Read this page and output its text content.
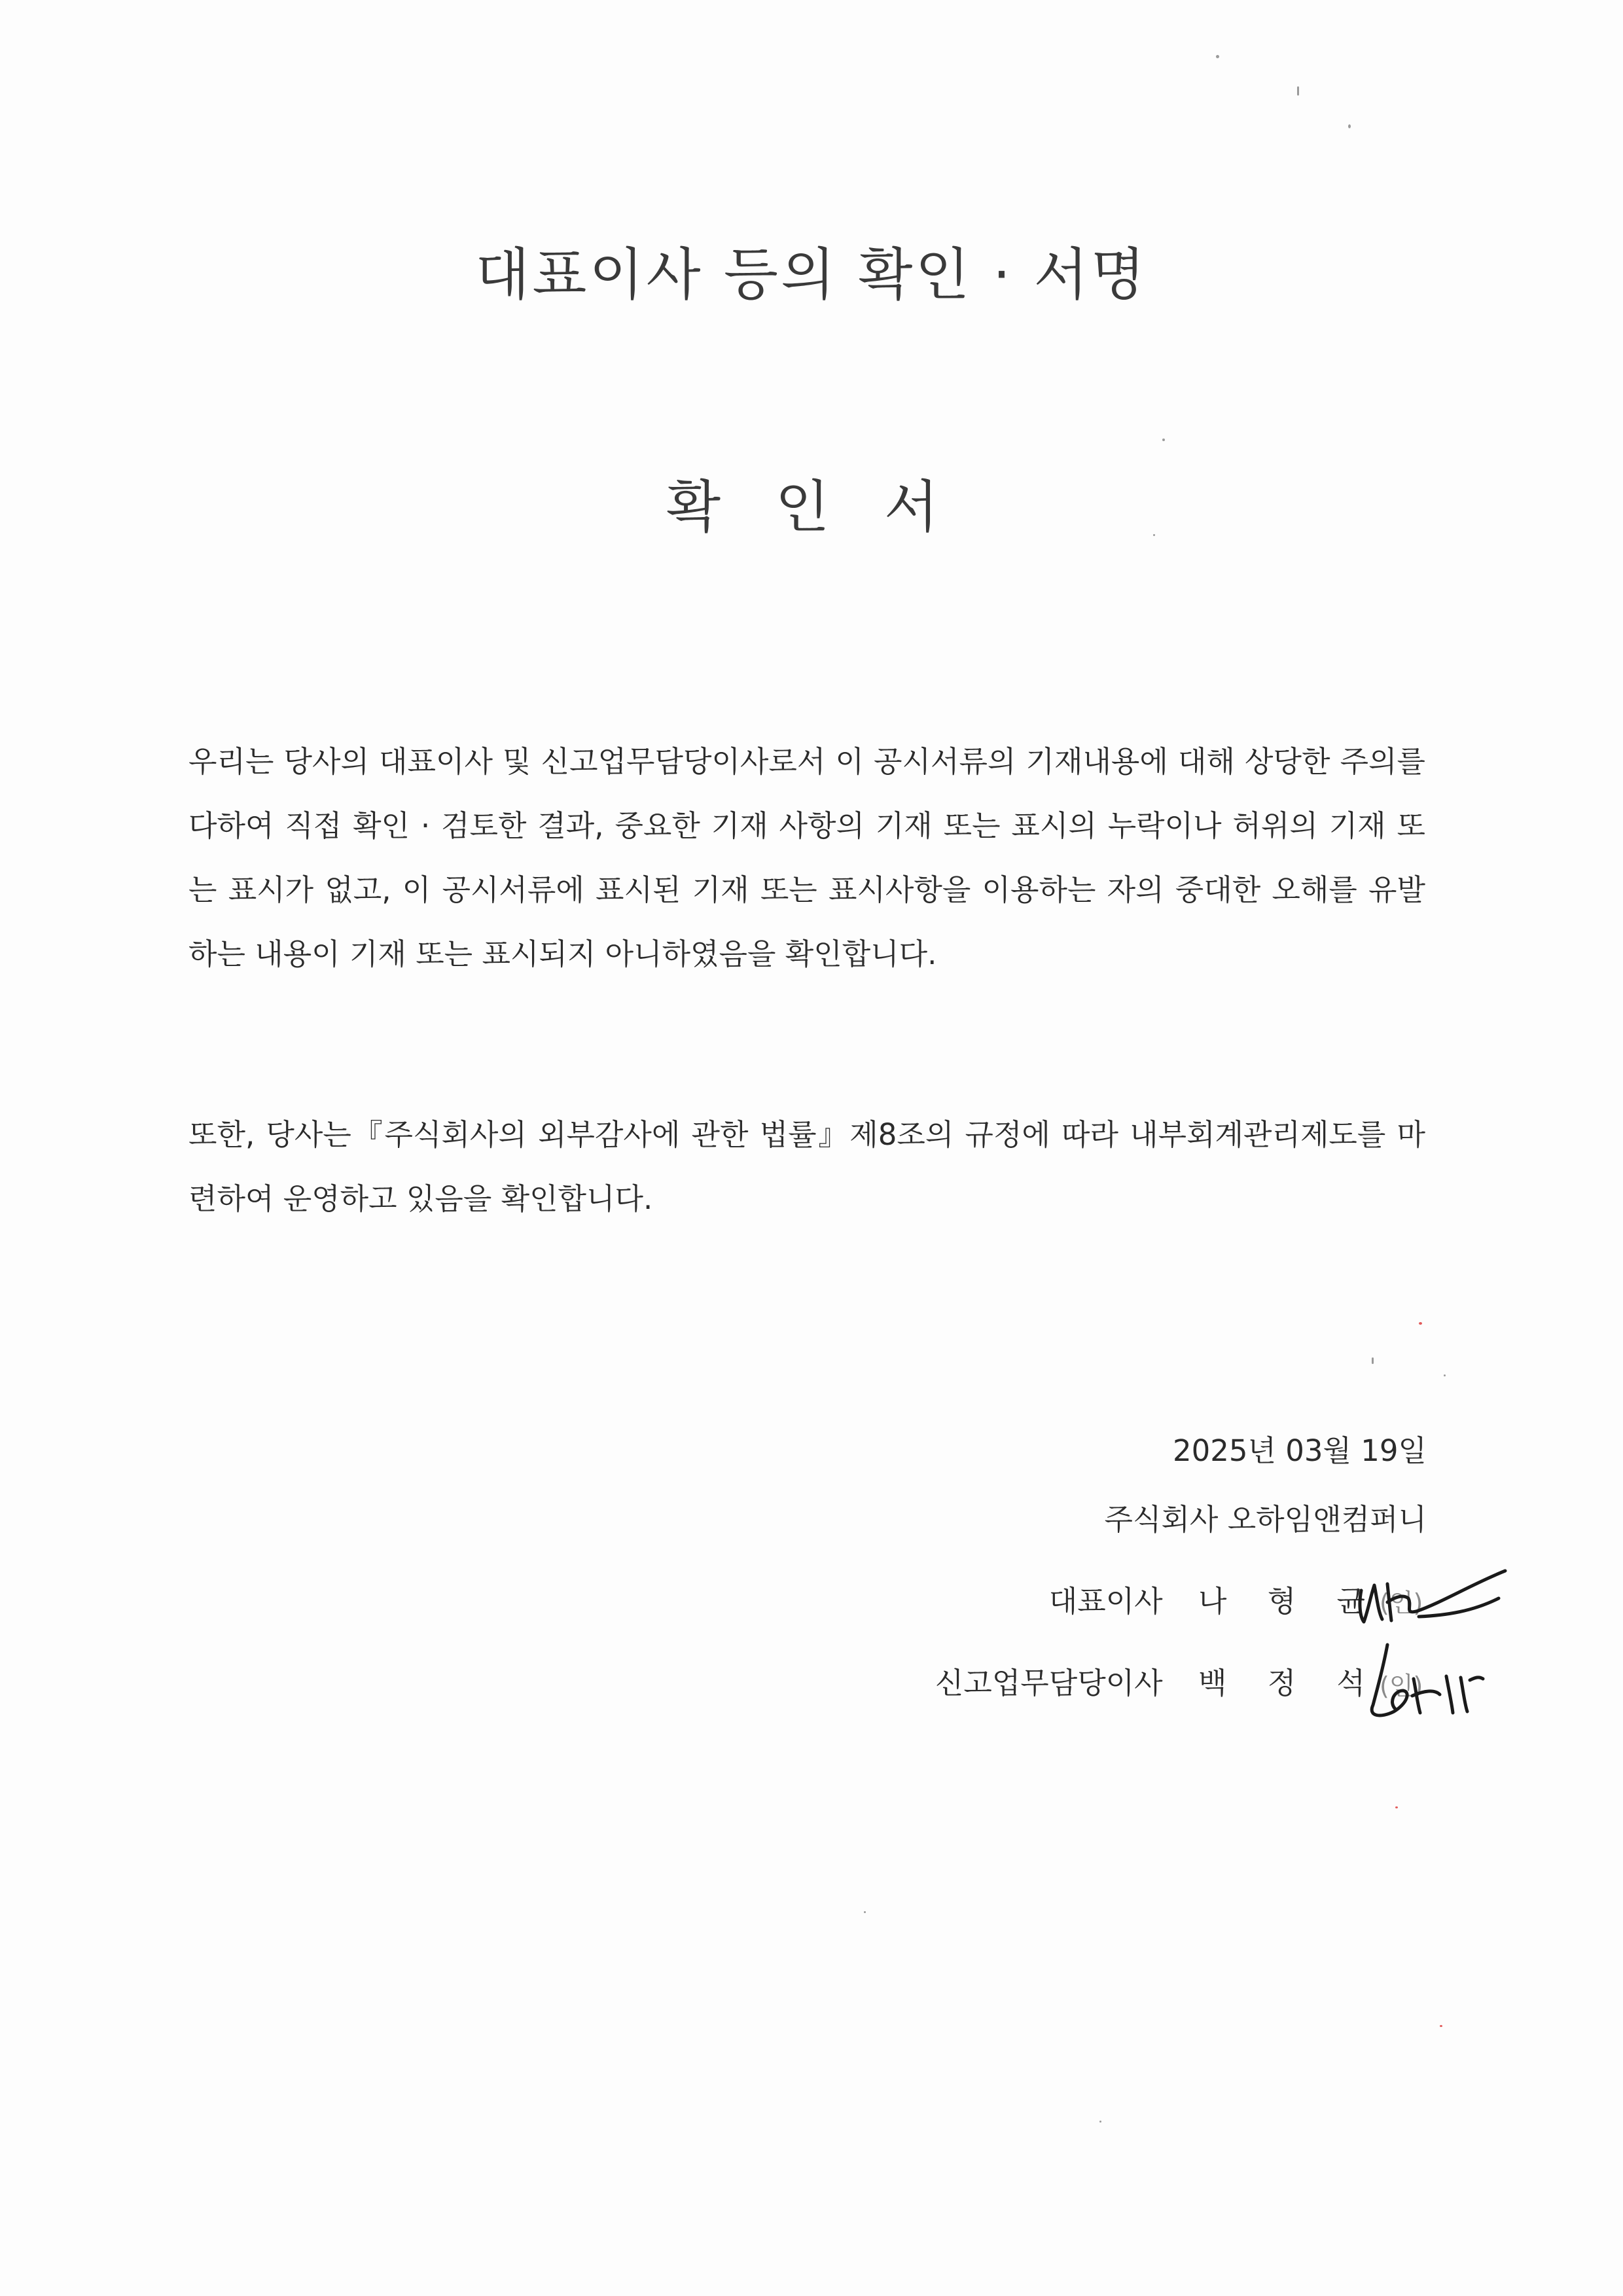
대표이사 등의 확인 · 서명
확 인 서

우리는 당사의 대표이사 및 신고업무담당이사로서 이 공시서류의 기재내용에 대해 상당한 주의를 다하여 직접 확인 · 검토한 결과, 중요한 기재 사항의 기재 또는 표시의 누락이나 허위의 기재 또는 표시가 없고, 이 공시서류에 표시된 기재 또는 표시사항을 이용하는 자의 중대한 오해를 유발하는 내용이 기재 또는 표시되지 아니하였음을 확인합니다.

또한, 당사는『주식회사의 외부감사에 관한 법률』제8조의 규정에 따라 내부회계관리제도를 마련하여 운영하고 있음을 확인합니다.

2025년 03월 19일
주식회사 오하임앤컴퍼니
대표이사 나 형 균
신고업무담당이사 백 정 석
(인)
(인)
